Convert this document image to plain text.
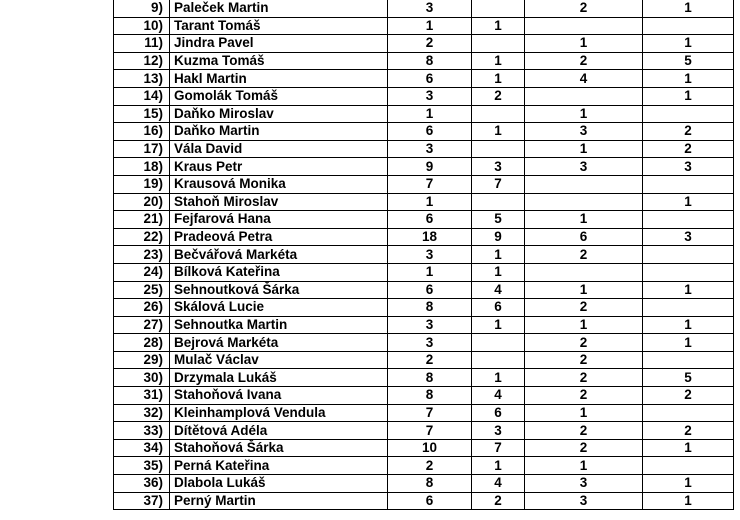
9)	Paleček Martin	3		2	1
10)	Tarant Tomáš	1	1		
11)	Jindra Pavel	2		1	1
12)	Kuzma Tomáš	8	1	2	5
13)	Hakl Martin	6	1	4	1
14)	Gomolák Tomáš	3	2		1
15)	Daňko Miroslav	1		1	
16)	Daňko Martin	6	1	3	2
17)	Vála David	3		1	2
18)	Kraus Petr	9	3	3	3
19)	Krausová Monika	7	7		
20)	Stahoň Miroslav	1			1
21)	Fejfarová Hana	6	5	1	
22)	Pradeová Petra	18	9	6	3
23)	Bečvářová Markéta	3	1	2	
24)	Bílková Kateřina	1	1		
25)	Sehnoutková Šárka	6	4	1	1
26)	Skálová Lucie	8	6	2	
27)	Sehnoutka Martin	3	1	1	1
28)	Bejrová Markéta	3		2	1
29)	Mulač Václav	2		2	
30)	Drzymala Lukáš	8	1	2	5
31)	Stahoňová Ivana	8	4	2	2
32)	Kleinhamplová Vendula	7	6	1	
33)	Dítětová Adéla	7	3	2	2
34)	Stahoňová Šárka	10	7	2	1
35)	Perná Kateřina	2	1	1	
36)	Dlabola Lukáš	8	4	3	1
37)	Perný Martin	6	2	3	1
